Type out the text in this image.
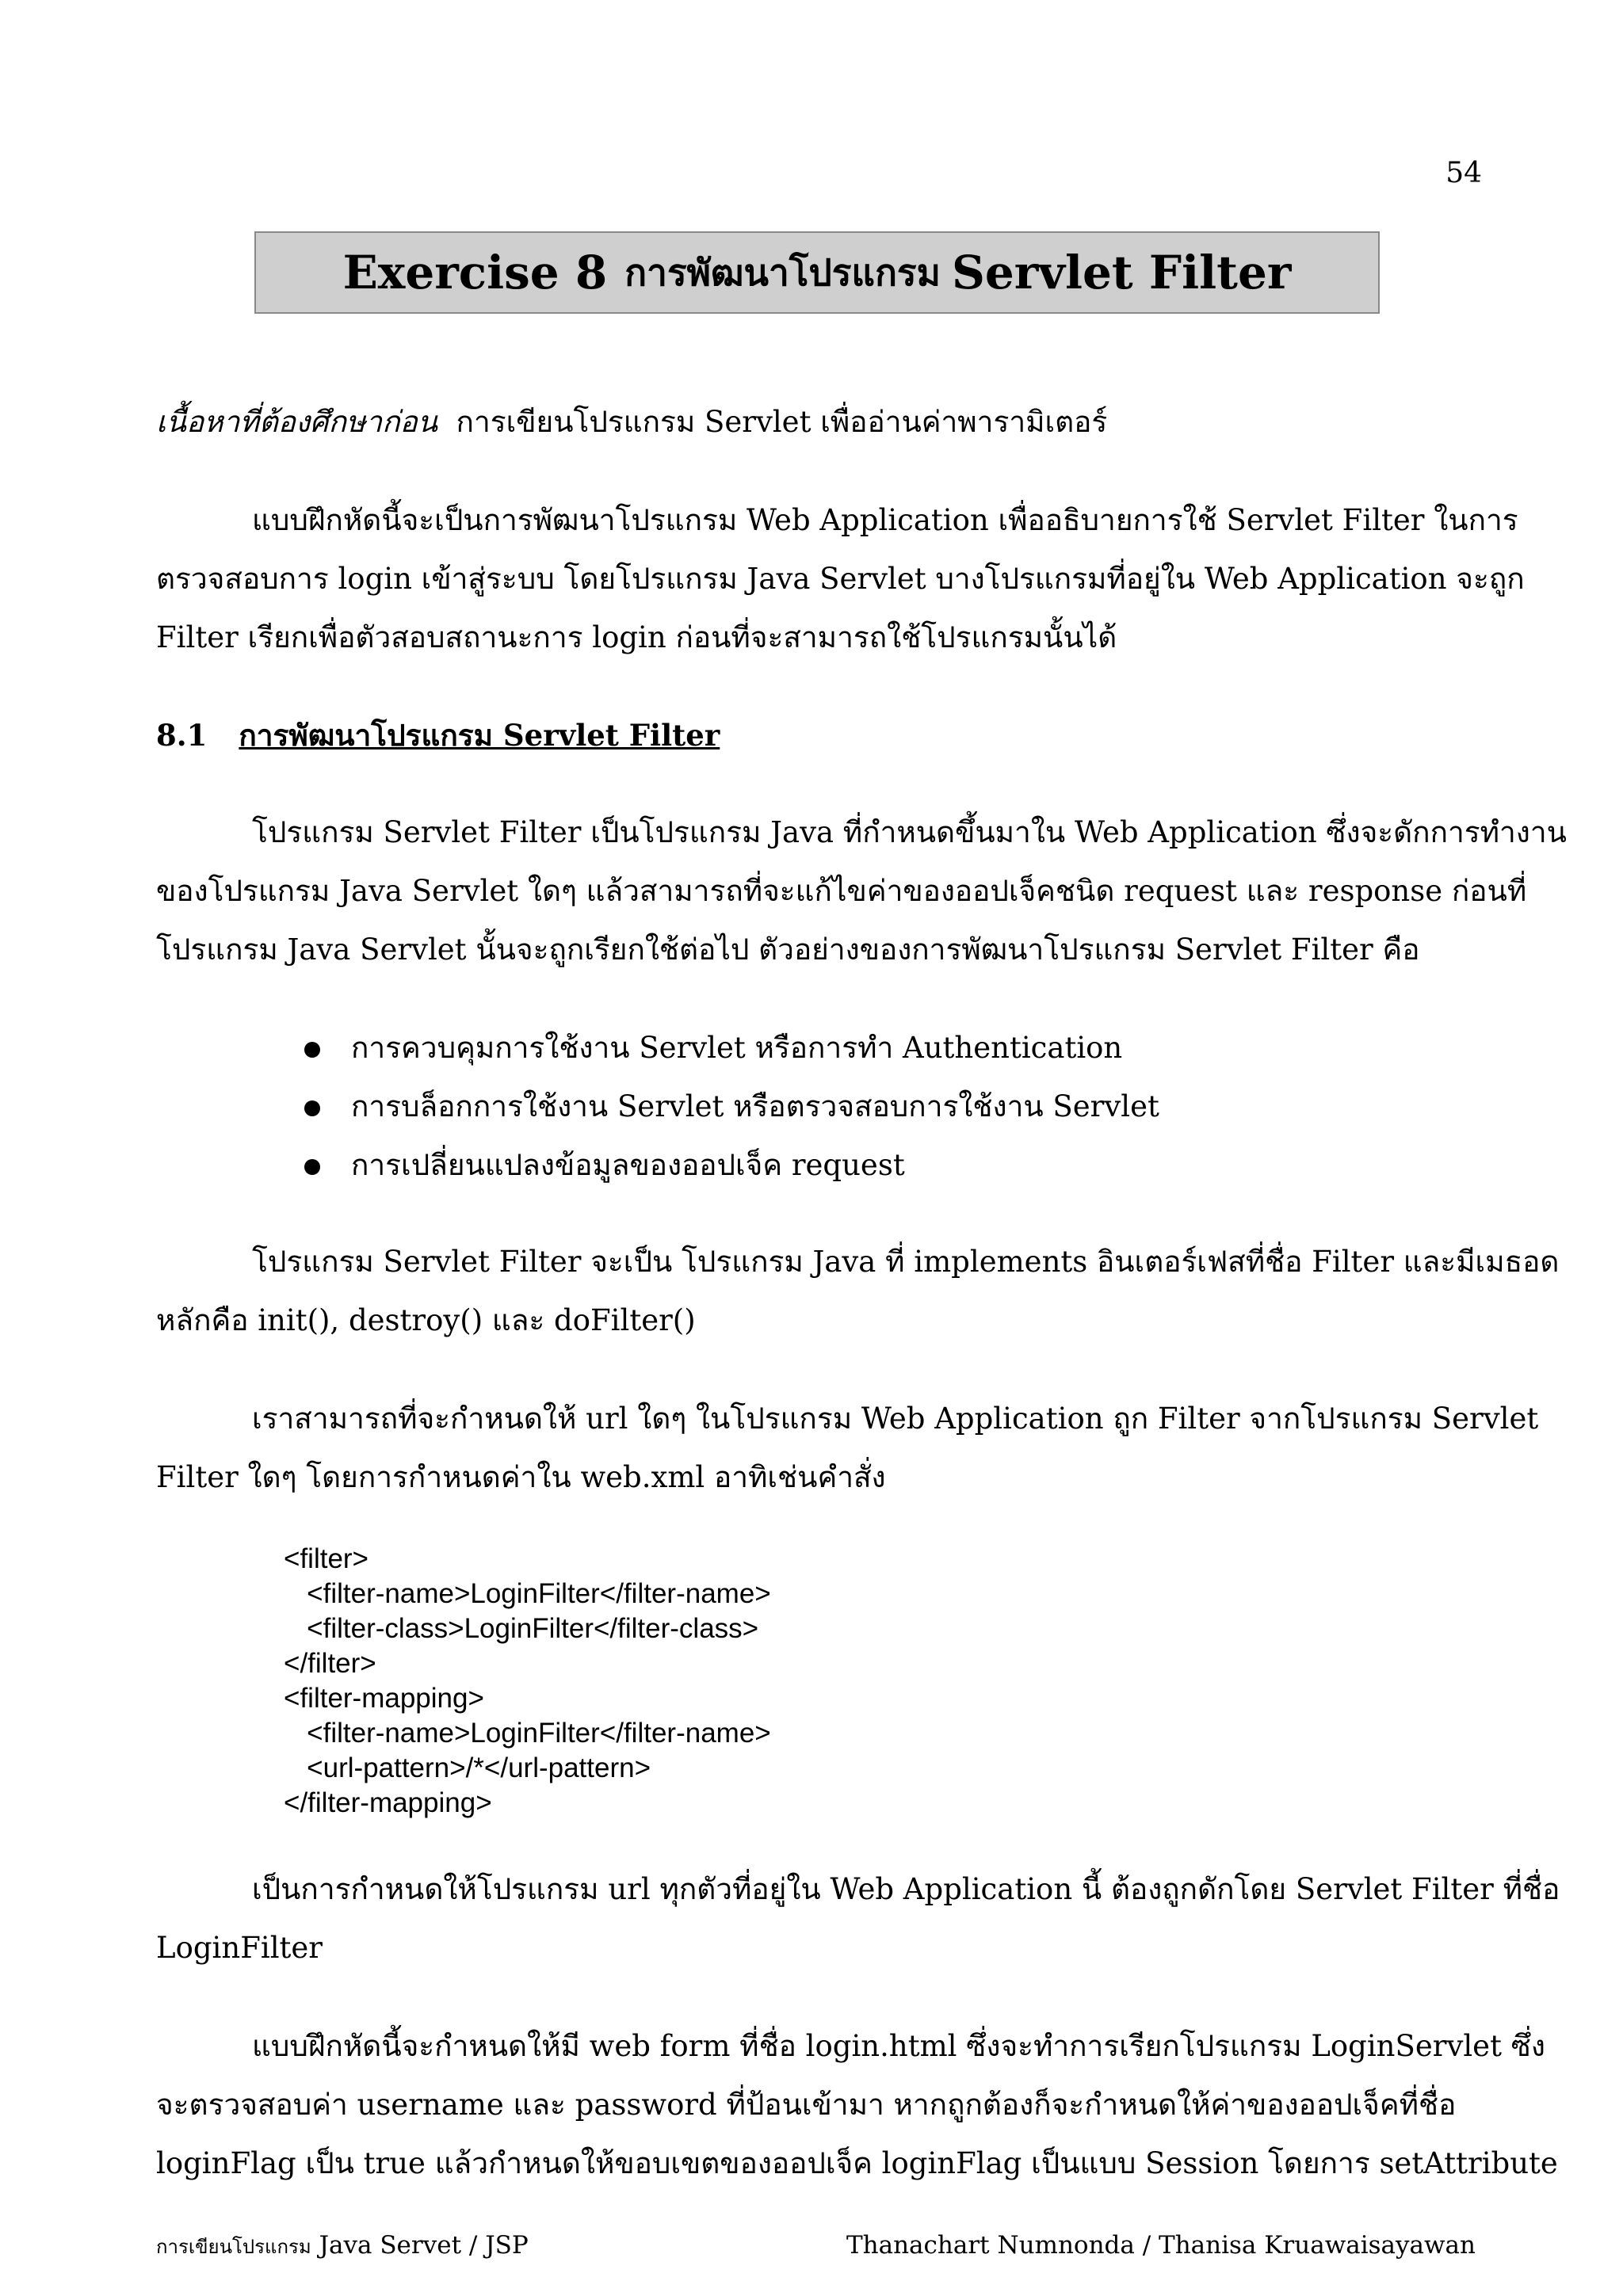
54
Exercise 8 การพัฒนาโปรแกรม Servlet Filter
เนื้อหาที่ต้องศึกษาก่อน การเขียนโปรแกรม Servlet เพื่ออ่านค่าพารามิเตอร์
แบบฝึกหัดนี้จะเป็นการพัฒนาโปรแกรม Web Application เพื่ออธิบายการใช้ Servlet Filter ในการ
ตรวจสอบการ login เข้าสู่ระบบ โดยโปรแกรม Java Servlet บางโปรแกรมที่อยู่ใน Web Application จะถูก
Filter เรียกเพื่อตัวสอบสถานะการ login ก่อนที่จะสามารถใช้โปรแกรมนั้นได้
8.1 การพัฒนาโปรแกรม Servlet Filter
โปรแกรม Servlet Filter เป็นโปรแกรม Java ที่กำหนดขึ้นมาใน Web Application ซึ่งจะดักการทำงาน
ของโปรแกรม Java Servlet ใดๆ แล้วสามารถที่จะแก้ไขค่าของออปเจ็คชนิด request และ response ก่อนที่
โปรแกรม Java Servlet นั้นจะถูกเรียกใช้ต่อไป ตัวอย่างของการพัฒนาโปรแกรม Servlet Filter คือ
การควบคุมการใช้งาน Servlet หรือการทำ Authentication
การบล็อกการใช้งาน Servlet หรือตรวจสอบการใช้งาน Servlet
การเปลี่ยนแปลงข้อมูลของออปเจ็ค request
โปรแกรม Servlet Filter จะเป็น โปรแกรม Java ที่ implements อินเตอร์เฟสที่ชื่อ Filter และมีเมธอด
หลักคือ init(), destroy() และ doFilter()
เราสามารถที่จะกำหนดให้ url ใดๆ ในโปรแกรม Web Application ถูก Filter จากโปรแกรม Servlet
Filter ใดๆ โดยการกำหนดค่าใน web.xml อาทิเช่นคำสั่ง
<filter>
<filter-name>LoginFilter</filter-name>
<filter-class>LoginFilter</filter-class>
</filter>
<filter-mapping>
<filter-name>LoginFilter</filter-name>
<url-pattern>/*</url-pattern>
</filter-mapping>
เป็นการกำหนดให้โปรแกรม url ทุกตัวที่อยู่ใน Web Application นี้ ต้องถูกดักโดย Servlet Filter ที่ชื่อ
LoginFilter
แบบฝึกหัดนี้จะกำหนดให้มี web form ที่ชื่อ login.html ซึ่งจะทำการเรียกโปรแกรม LoginServlet ซึ่ง
จะตรวจสอบค่า username และ password ที่ป้อนเข้ามา หากถูกต้องก็จะกำหนดให้ค่าของออปเจ็คที่ชื่อ
loginFlag เป็น true แล้วกำหนดให้ขอบเขตของออปเจ็ค loginFlag เป็นแบบ Session โดยการ setAttribute
การเขียนโปรแกรม Java Servet / JSP	Thanachart Numnonda / Thanisa Kruawaisayawan
